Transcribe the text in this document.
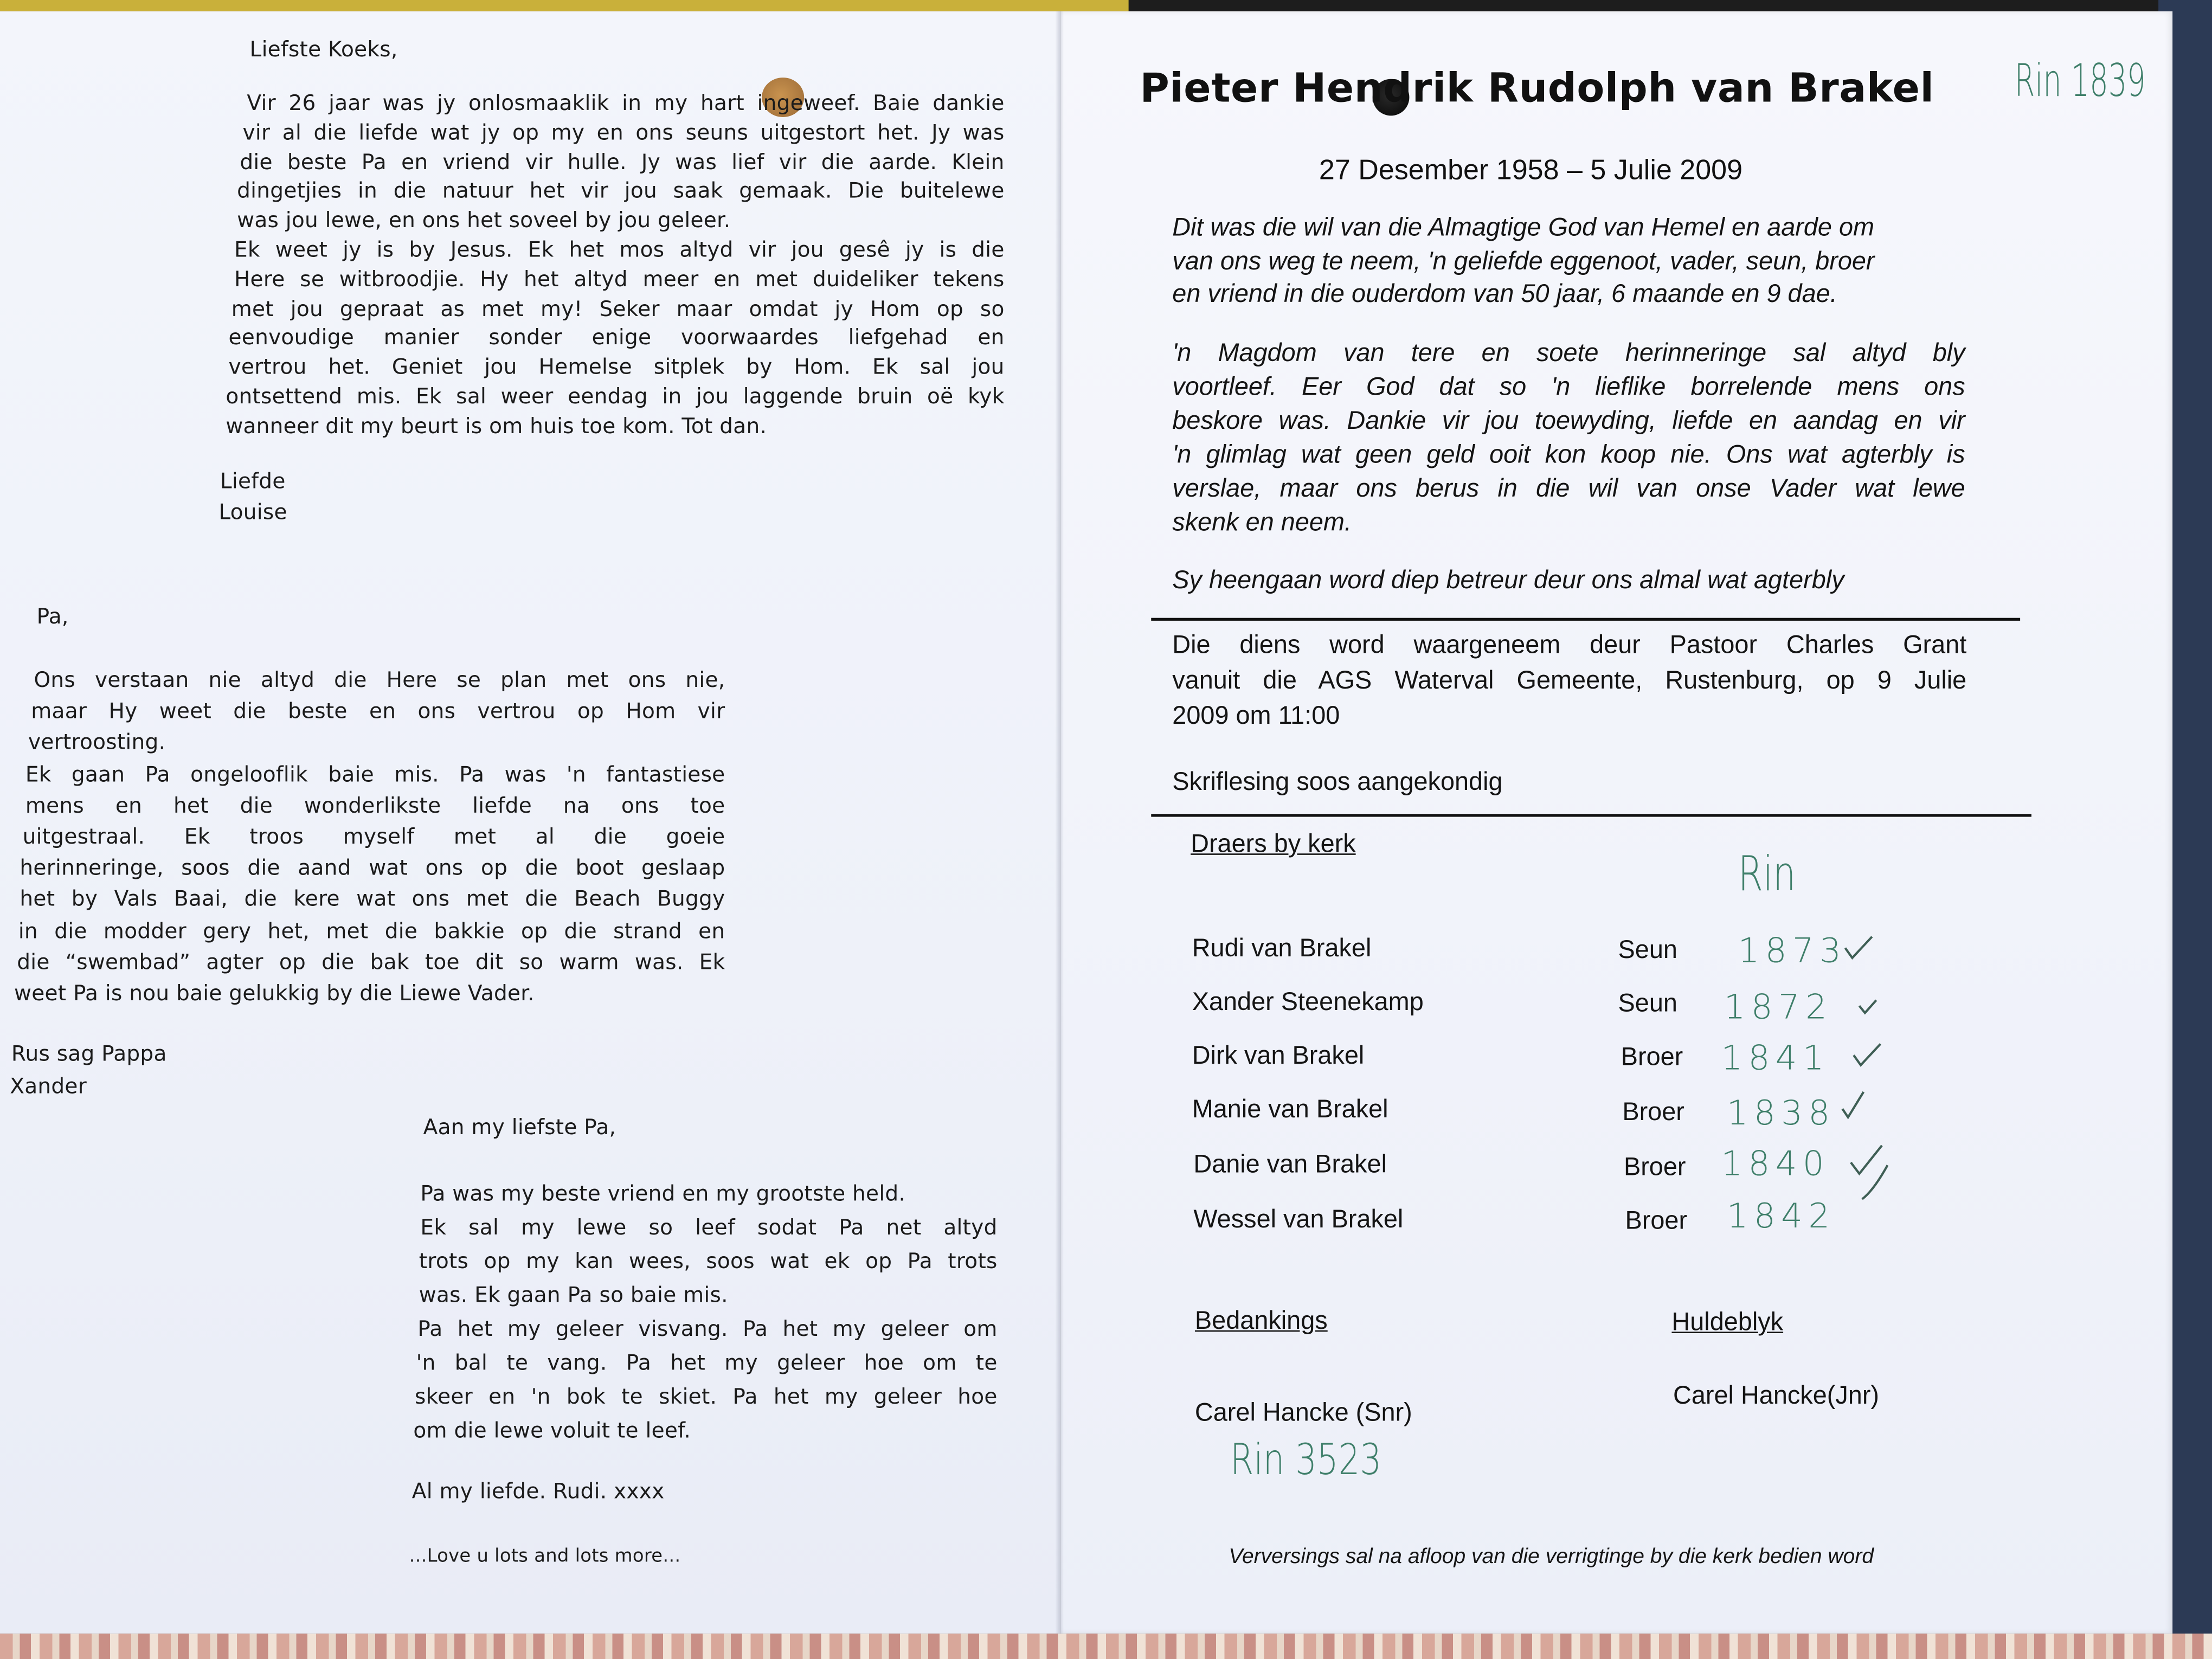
Liefste Koeks,
Vir 26 jaar was jy onlosmaaklik in my hart ingeweef. Baie dankie
vir al die liefde wat jy op my en ons seuns uitgestort het. Jy was
die beste Pa en vriend vir hulle. Jy was lief vir die aarde. Klein
dingetjies in die natuur het vir jou saak gemaak. Die buitelewe
was jou lewe, en ons het soveel by jou geleer.
Ek weet jy is by Jesus. Ek het mos altyd vir jou gesê jy is die
Here se witbroodjie. Hy het altyd meer en met duideliker tekens
met jou gepraat as met my! Seker maar omdat jy Hom op so
eenvoudige manier sonder enige voorwaardes liefgehad en
vertrou het. Geniet jou Hemelse sitplek by Hom. Ek sal jou
ontsettend mis. Ek sal weer eendag in jou laggende bruin oë kyk
wanneer dit my beurt is om huis toe kom. Tot dan.
Liefde
Louise
Pa,
Ons verstaan nie altyd die Here se plan met ons nie,
maar Hy weet die beste en ons vertrou op Hom vir
vertroosting.
Ek gaan Pa ongelooflik baie mis. Pa was 'n fantastiese
mens en het die wonderlikste liefde na ons toe
uitgestraal. Ek troos myself met al die goeie
herinneringe, soos die aand wat ons op die boot geslaap
het by Vals Baai, die kere wat ons met die Beach Buggy
in die modder gery het, met die bakkie op die strand en
die “swembad” agter op die bak toe dit so warm was. Ek
weet Pa is nou baie gelukkig by die Liewe Vader.
Rus sag Pappa
Xander
Aan my liefste Pa,
Pa was my beste vriend en my grootste held.
Ek sal my lewe so leef sodat Pa net altyd
trots op my kan wees, soos wat ek op Pa trots
was. Ek gaan Pa so baie mis.
Pa het my geleer visvang. Pa het my geleer om
'n bal te vang. Pa het my geleer hoe om te
skeer en 'n bok te skiet. Pa het my geleer hoe
om die lewe voluit te leef.
Al my liefde. Rudi. xxxx
...Love u lots and lots more...
Pieter Hendrik Rudolph van Brakel
27 Desember 1958 – 5 Julie 2009
Dit was die wil van die Almagtige God van Hemel en aarde om
van ons weg te neem, 'n geliefde eggenoot, vader, seun, broer
en vriend in die ouderdom van 50 jaar, 6 maande en 9 dae.
'n Magdom van tere en soete herinneringe sal altyd bly
voortleef. Eer God dat so 'n lieflike borrelende mens ons
beskore was. Dankie vir jou toewyding, liefde en aandag en vir
'n glimlag wat geen geld ooit kon koop nie. Ons wat agterbly is
verslae, maar ons berus in die wil van onse Vader wat lewe
skenk en neem.
Sy heengaan word diep betreur deur ons almal wat agterbly
Die diens word waargeneem deur Pastoor Charles Grant
vanuit die AGS Waterval Gemeente, Rustenburg, op 9 Julie
2009 om 11:00
Skriflesing soos aangekondig
Draers by kerk
Rin
Rudi van Brakel	Seun	1873
Xander Steenekamp	Seun	1872
Dirk van Brakel	Broer	1841
Manie van Brakel	Broer	1838
Danie van Brakel	Broer	1840
Wessel van Brakel	Broer	1842
Bedankings	Huldeblyk
Carel Hancke (Snr)
Carel Hancke(Jnr)
Rin 3523
Rin 1839
Verversings sal na afloop van die verrigtinge by die kerk bedien word
